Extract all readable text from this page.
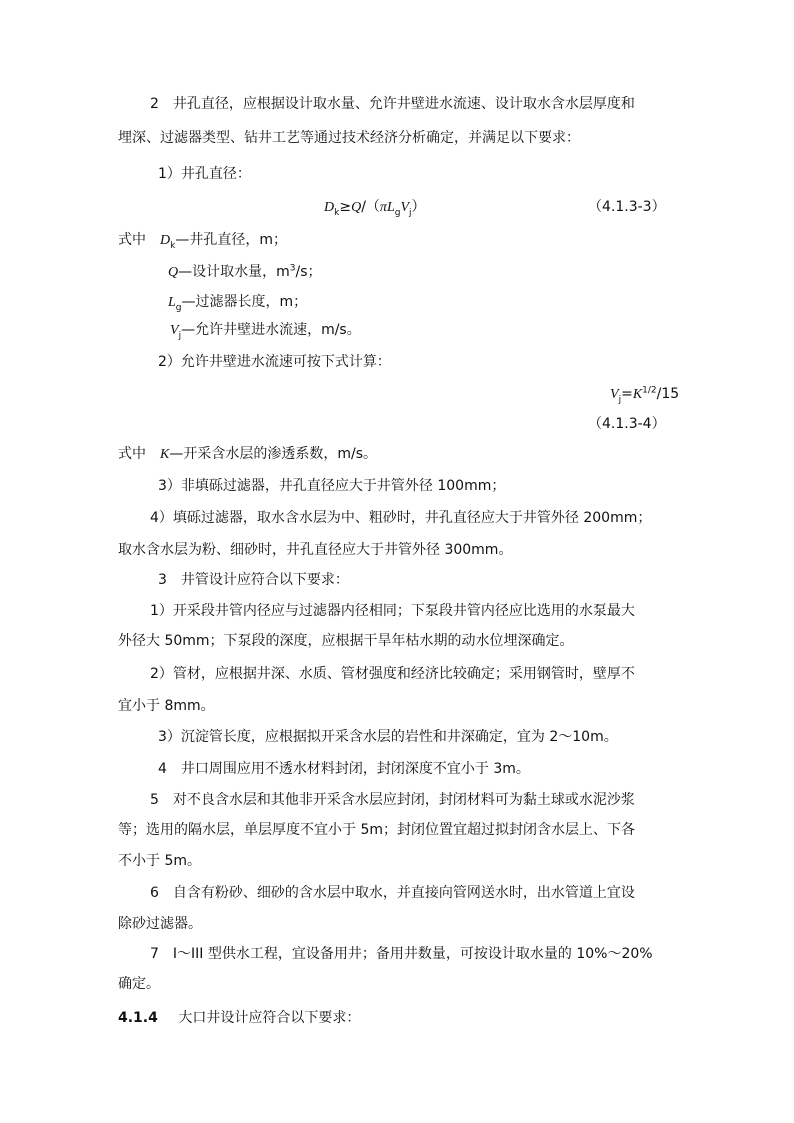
2　井孔直径，应根据设计取水量、允许井壁进水流速、设计取水含水层厚度和
埋深、过滤器类型、钻井工艺等通过技术经济分析确定，并满足以下要求：
1）井孔直径：
$D_k\ge Q/(\pi L_gV_j)$	（4.1.3-3）
式中　$D_k—$井孔直径，m；
Q—设计取水量，$m^3/s$；
$L_g—$过滤器长度，m；
$V_j—$允许井壁进水流速，m/s。
2）允许井壁进水流速可按下式计算：
$V_j=K^{1/2}/15$
（4.1.3-4）
式中　K—开采含水层的渗透系数，m/s。
3）非填砾过滤器，井孔直径应大于井管外径 100mm；
4）填砾过滤器，取水含水层为中、粗砂时，井孔直径应大于井管外径 200mm；
取水含水层为粉、细砂时，井孔直径应大于井管外径 300mm。
3　井管设计应符合以下要求：
1）开采段井管内径应与过滤器内径相同；下泵段井管内径应比选用的水泵最大
外径大 50mm；下泵段的深度，应根据干旱年枯水期的动水位埋深确定。
2）管材，应根据井深、水质、管材强度和经济比较确定；采用钢管时，壁厚不
宜小于 8mm。
3）沉淀管长度，应根据拟开采含水层的岩性和井深确定，宜为 2～10m。
4　井口周围应用不透水材料封闭，封闭深度不宜小于 3m。
5　对不良含水层和其他非开采含水层应封闭，封闭材料可为黏土球或水泥沙浆
等；选用的隔水层，单层厚度不宜小于 5m；封闭位置宜超过拟封闭含水层上、下各
不小于 5m。
6　自含有粉砂、细砂的含水层中取水，并直接向管网送水时，出水管道上宜设
除砂过滤器。
7　I～III 型供水工程，宜设备用井；备用井数量，可按设计取水量的 10%～20%
确定。
4.1.4 大口井设计应符合以下要求：
